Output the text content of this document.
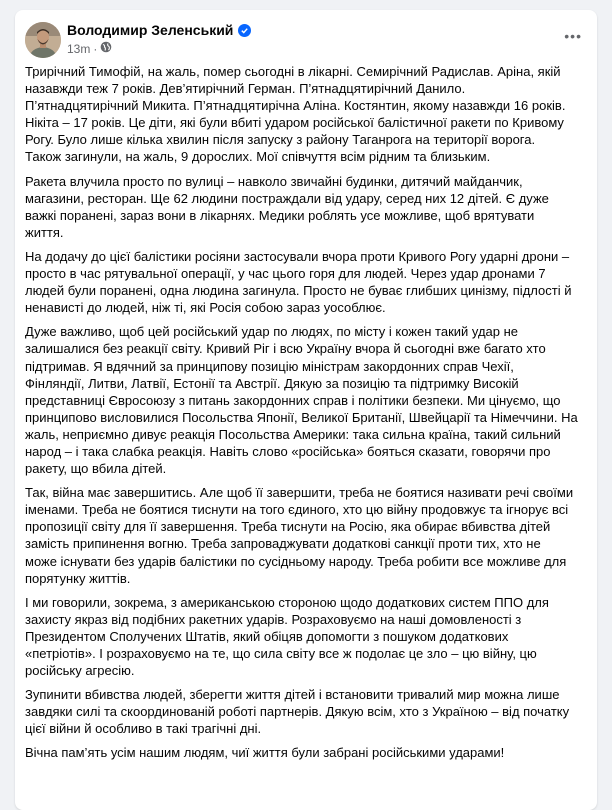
Володимир Зеленський
13m ·
•••
Трирічний Тимофій, на жаль, помер сьогодні в лікарні. Семирічний Радислав. Аріна, якій
назавжди теж 7 років. Дев’ятирічний Герман. П’ятнадцятирічний Данило.
П’ятнадцятирічний Микита. П’ятнадцятирічна Аліна. Костянтин, якому назавжди 16 років.
Нікіта – 17 років. Це діти, які були вбиті ударом російської балістичної ракети по Кривому
Рогу. Було лише кілька хвилин після запуску з району Таганрога на території ворога.
Також загинули, на жаль, 9 дорослих. Мої співчуття всім рідним та близьким.
Ракета влучила просто по вулиці – навколо звичайні будинки, дитячий майданчик,
магазини, ресторан. Ще 62 людини постраждали від удару, серед них 12 дітей. Є дуже
важкі поранені, зараз вони в лікарнях. Медики роблять усе можливе, щоб врятувати
життя.
На додачу до цієї балістики росіяни застосували вчора проти Кривого Рогу ударні дрони –
просто в час рятувальної операції, у час цього горя для людей. Через удар дронами 7
людей були поранені, одна людина загинула. Просто не буває глибших цинізму, підлості й
ненависті до людей, ніж ті, які Росія собою зараз уособлює.
Дуже важливо, щоб цей російський удар по людях, по місту і кожен такий удар не
залишалися без реакції світу. Кривий Ріг і всю Україну вчора й сьогодні вже багато хто
підтримав. Я вдячний за принципову позицію міністрам закордонних справ Чехії,
Фінляндії, Литви, Латвії, Естонії та Австрії. Дякую за позицію та підтримку Високій
представниці Євросоюзу з питань закордонних справ і політики безпеки. Ми цінуємо, що
принципово висловилися Посольства Японії, Великої Британії, Швейцарії та Німеччини. На
жаль, неприємно дивує реакція Посольства Америки: така сильна країна, такий сильний
народ – і така слабка реакція. Навіть слово «російська» бояться сказати, говорячи про
ракету, що вбила дітей.
Так, війна має завершитись. Але щоб її завершити, треба не боятися називати речі своїми
іменами. Треба не боятися тиснути на того єдиного, хто цю війну продовжує та ігнорує всі
пропозиції світу для її завершення. Треба тиснути на Росію, яка обирає вбивства дітей
замість припинення вогню. Треба запроваджувати додаткові санкції проти тих, хто не
може існувати без ударів балістики по сусідньому народу. Треба робити все можливе для
порятунку життів.
І ми говорили, зокрема, з американською стороною щодо додаткових систем ППО для
захисту якраз від подібних ракетних ударів. Розраховуємо на наші домовленості з
Президентом Сполучених Штатів, який обіцяв допомогти з пошуком додаткових
«петріотів». І розраховуємо на те, що сила світу все ж подолає це зло – цю війну, цю
російську агресію.
Зупинити вбивства людей, зберегти життя дітей і встановити тривалий мир можна лише
завдяки силі та скоординованій роботі партнерів. Дякую всім, хто з Україною – від початку
цієї війни й особливо в такі трагічні дні.
Вічна пам’ять усім нашим людям, чиї життя були забрані російськими ударами!
